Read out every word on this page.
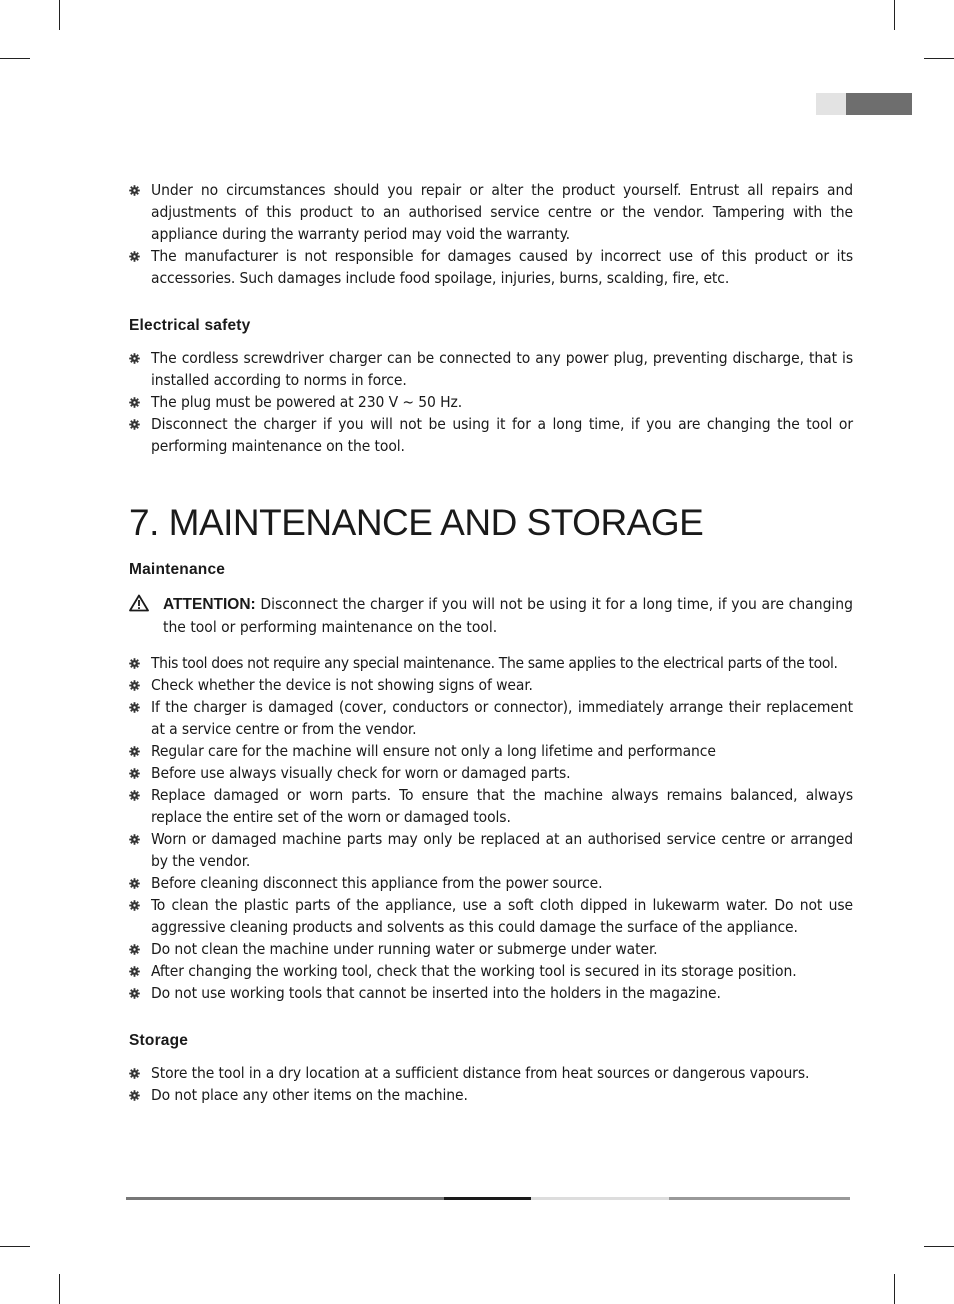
Under no circumstances should you repair or alter the product yourself. Entrust all repairs and adjustments of this product to an authorised service centre or the vendor. Tampering with the appliance during the warranty period may void the warranty.
The manufacturer is not responsible for damages caused by incorrect use of this product or its accessories. Such damages include food spoilage, injuries, burns, scalding, fire, etc.
Electrical safety
The cordless screwdriver charger can be connected to any power plug, preventing discharge, that is installed according to norms in force.
The plug must be powered at 230 V ~ 50 Hz.
Disconnect the charger if you will not be using it for a long time, if you are changing the tool or performing maintenance on the tool.
7. MAINTENANCE AND STORAGE
Maintenance
ATTENTION: Disconnect the charger if you will not be using it for a long time, if you are changing the tool or performing maintenance on the tool.
This tool does not require any special maintenance. The same applies to the electrical parts of the tool.
Check whether the device is not showing signs of wear.
If the charger is damaged (cover, conductors or connector), immediately arrange their replacement at a service centre or from the vendor.
Regular care for the machine will ensure not only a long lifetime and performance
Before use always visually check for worn or damaged parts.
Replace damaged or worn parts. To ensure that the machine always remains balanced, always replace the entire set of the worn or damaged tools.
Worn or damaged machine parts may only be replaced at an authorised service centre or arranged by the vendor.
Before cleaning disconnect this appliance from the power source.
To clean the plastic parts of the appliance, use a soft cloth dipped in lukewarm water. Do not use aggressive cleaning products and solvents as this could damage the surface of the appliance.
Do not clean the machine under running water or submerge under water.
After changing the working tool, check that the working tool is secured in its storage position.
Do not use working tools that cannot be inserted into the holders in the magazine.
Storage
Store the tool in a dry location at a sufficient distance from heat sources or dangerous vapours.
Do not place any other items on the machine.
